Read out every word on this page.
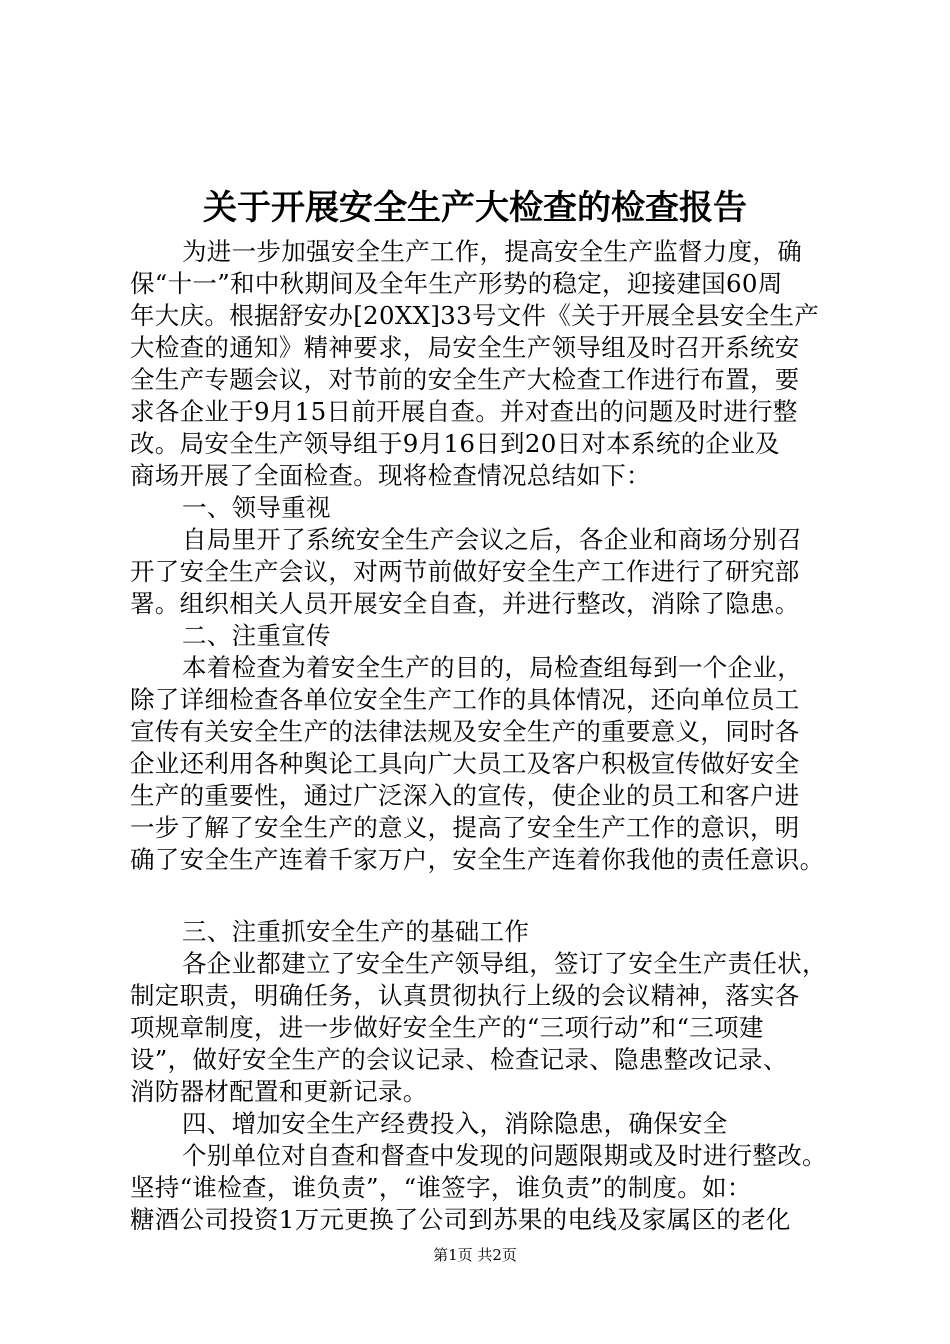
关于开展安全生产大检查的检查报告

为进一步加强安全生产工作，提高安全生产监督力度，确

保“十一”和中秋期间及全年生产形势的稳定，迎接建国60周

年大庆。根据舒安办[20XX]33号文件《关于开展全县安全生产

大检查的通知》精神要求，局安全生产领导组及时召开系统安

全生产专题会议，对节前的安全生产大检查工作进行布置，要

求各企业于9月15日前开展自查。并对查出的问题及时进行整

改。局安全生产领导组于9月16日到20日对本系统的企业及

商场开展了全面检查。现将检查情况总结如下：

一、领导重视

自局里开了系统安全生产会议之后，各企业和商场分别召

开了安全生产会议，对两节前做好安全生产工作进行了研究部

署。组织相关人员开展安全自查，并进行整改，消除了隐患。

二、注重宣传

本着检查为着安全生产的目的，局检查组每到一个企业，

除了详细检查各单位安全生产工作的具体情况，还向单位员工

宣传有关安全生产的法律法规及安全生产的重要意义，同时各

企业还利用各种舆论工具向广大员工及客户积极宣传做好安全

生产的重要性，通过广泛深入的宣传，使企业的员工和客户进

一步了解了安全生产的意义，提高了安全生产工作的意识，明

确了安全生产连着千家万户，安全生产连着你我他的责任意识。

三、注重抓安全生产的基础工作

各企业都建立了安全生产领导组，签订了安全生产责任状，

制定职责，明确任务，认真贯彻执行上级的会议精神，落实各

项规章制度，进一步做好安全生产的“三项行动”和“三项建

设”，做好安全生产的会议记录、检查记录、隐患整改记录、

消防器材配置和更新记录。

四、增加安全生产经费投入，消除隐患，确保安全

个别单位对自查和督查中发现的问题限期或及时进行整改。

坚持“谁检查，谁负责”，“谁签字，谁负责”的制度。如：

糖酒公司投资1万元更换了公司到苏果的电线及家属区的老化

第1页 共2页
